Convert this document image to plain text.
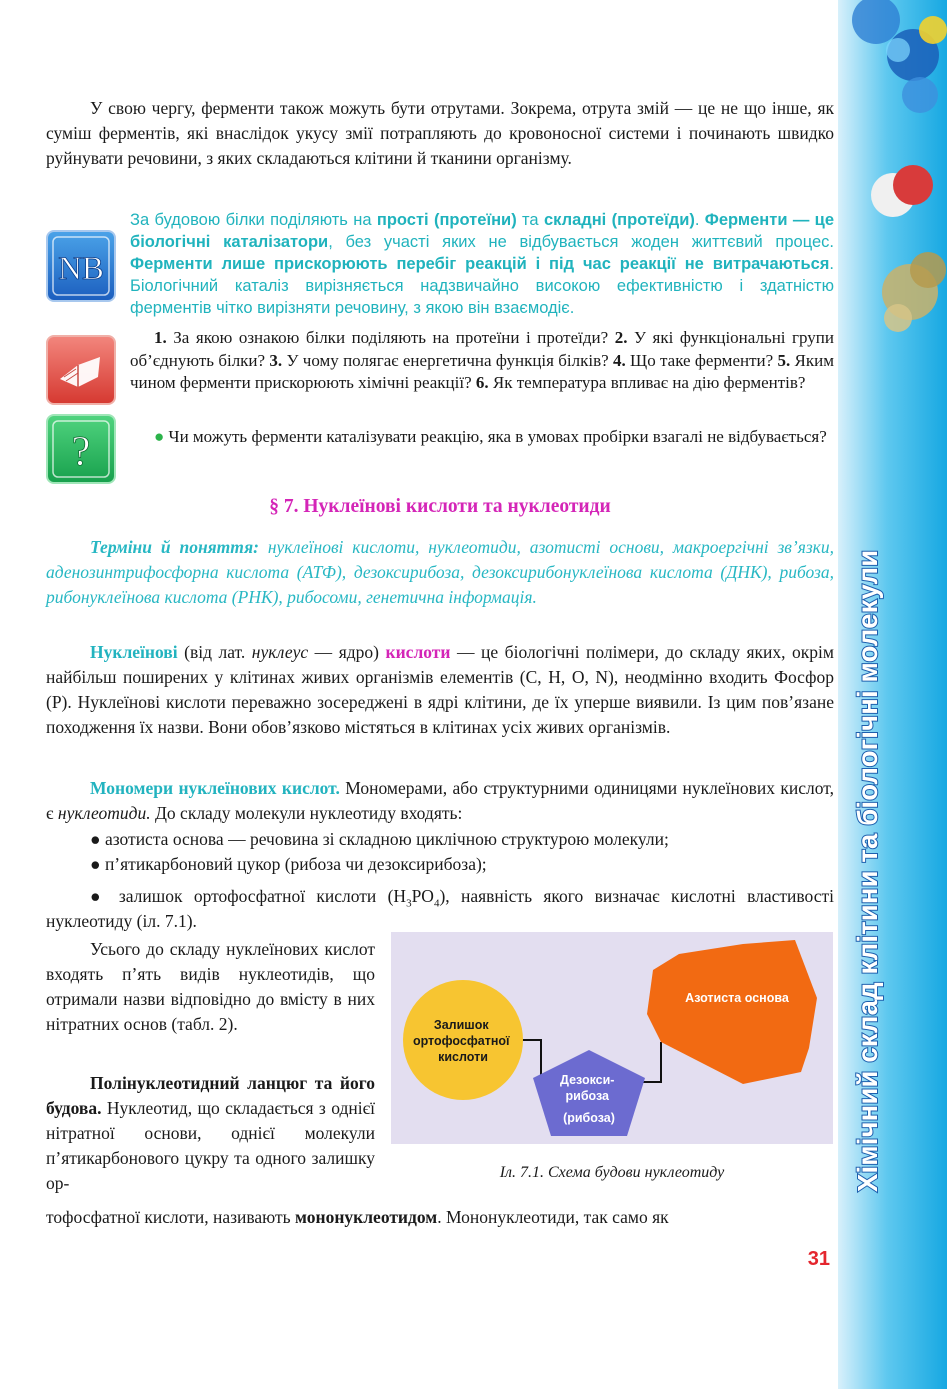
Хімічний склад клітини та біологічні молекули

У свою чергу, ферменти також можуть бути отрутами. Зокрема, отрута змій — це не що інше, як суміш ферментів, які внаслідок укусу змії потрапляють до кровоносної системи і починають швидко руйнувати речовини, з яких складаються клітини й тканини організму.

NB

За будовою білки поділяють на прості (протеїни) та складні (протеїди). Ферменти — це біологічні каталізатори, без участі яких не відбувається жоден життєвий процес. Ферменти лише прискорюють перебіг реакцій і під час реакції не витрачаються. Біологічний каталіз вирізняється надзвичайно високою ефективністю і здатністю ферментів чітко вирізняти речовину, з якою він взаємодіє.

1. За якою ознакою білки поділяють на протеїни і протеїди? 2. У які функціональні групи об’єднують білки? 3. У чому полягає енергетична функція білків? 4. Що таке ферменти? 5. Яким чином ферменти прискорюють хімічні реакції? 6. Як температура впливає на дію ферментів?

?	● Чи можуть ферменти каталізувати реакцію, яка в умовах пробірки взагалі не відбувається?

§ 7. Нуклеїнові кислоти та нуклеотиди

Терміни й поняття: нуклеїнові кислоти, нуклеотиди, азотисті основи, макроергічні зв’язки, аденозинтрифосфорна кислота (АТФ), дезоксирибоза, дезоксирибонуклеїнова кислота (ДНК), рибоза, рибонуклеїнова кислота (РНК), рибосоми, генетична інформація.

Нуклеїнові (від лат. нуклеус — ядро) кислоти — це біологічні полімери, до складу яких, окрім найбільш поширених у клітинах живих організмів елементів (С, Н, О, N), неодмінно входить Фосфор (Р). Нуклеїнові кислоти переважно зосереджені в ядрі клітини, де їх уперше виявили. Із цим пов’язане походження їх назви. Вони обов’язково містяться в клітинах усіх живих організмів.

Мономери нуклеїнових кислот. Мономерами, або структурними одиницями нуклеїнових кислот, є нуклеотиди. До складу молекули нуклеотиду входять:

● азотиста основа — речовина зі складною циклічною структурою молекули;

● п’ятикарбоновий цукор (рибоза чи дезоксирибоза);

● залишок ортофосфатної кислоти $(H_3PO_4)$, наявність якого визначає кислотні властивості нуклеотиду (іл. 7.1).

Усього до складу нуклеїнових кислот входять п’ять видів нуклеотидів, що отримали назви відповідно до вмісту в них нітратних основ (табл. 2).

Полінуклеотидний ланцюг та його будова. Нуклеотид, що складається з однієї нітратної основи, однієї молекули п’ятикарбонового цукру та одного залишку ор-

Залишок ортофосфатної кислоти
Дезокси- рибоза (рибоза)
Азотиста основа
Іл. 7.1. Схема будови нуклеотиду

тофосфатної кислоти, називають мононуклеотидом. Мононуклеотиди, так само як

31
